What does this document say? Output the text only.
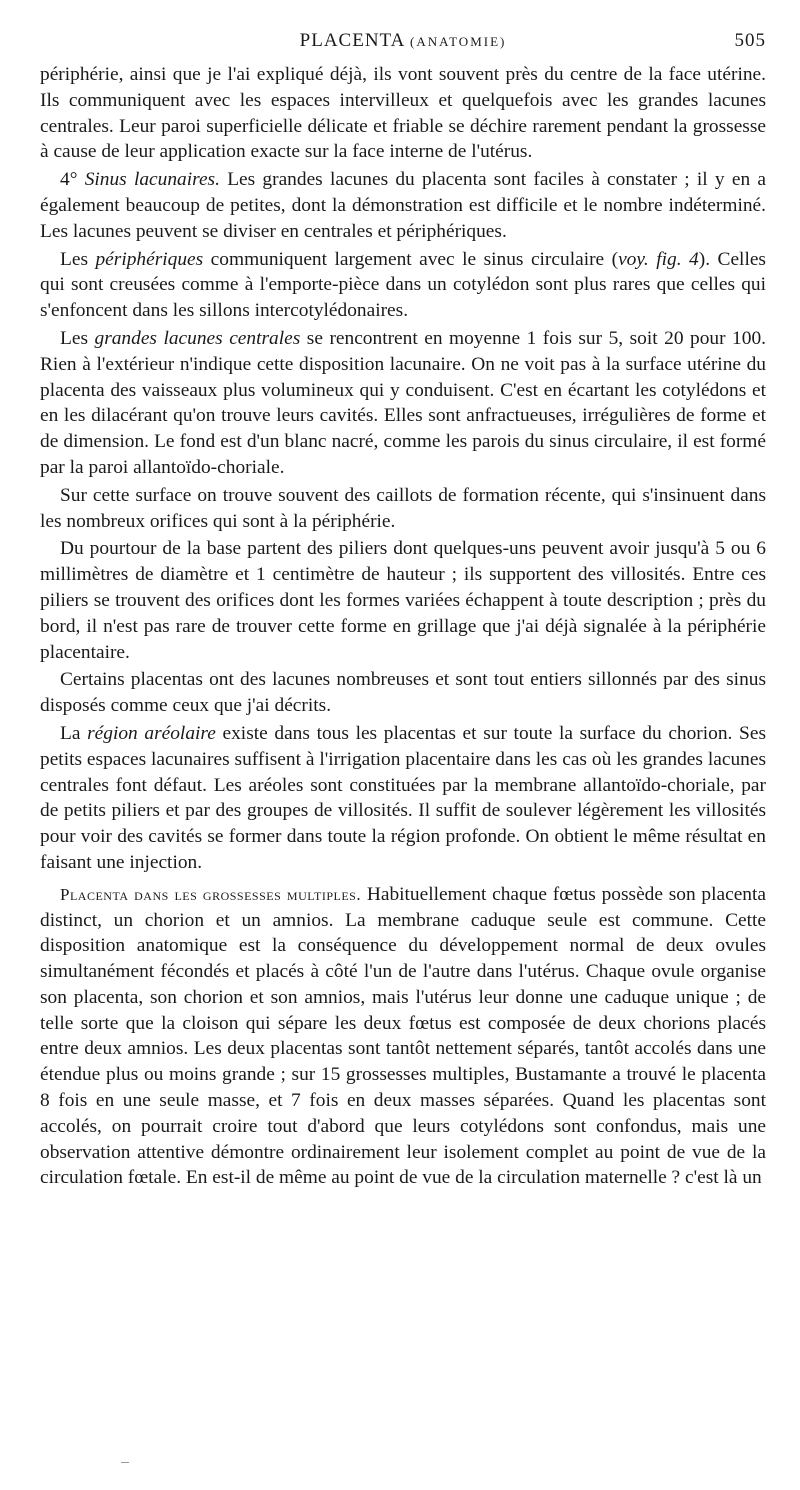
PLACENTA (ANATOMIE)	505

périphérie, ainsi que je l'ai expliqué déjà, ils vont souvent près du centre de la face utérine. Ils communiquent avec les espaces intervilleux et quelquefois avec les grandes lacunes centrales. Leur paroi superficielle délicate et friable se déchire rarement pendant la grossesse à cause de leur application exacte sur la face interne de l'utérus.

4° Sinus lacunaires. Les grandes lacunes du placenta sont faciles à constater ; il y en a également beaucoup de petites, dont la démonstration est difficile et le nombre indéterminé. Les lacunes peuvent se diviser en centrales et périphériques.

Les périphériques communiquent largement avec le sinus circulaire (voy. fig. 4). Celles qui sont creusées comme à l'emporte-pièce dans un cotylédon sont plus rares que celles qui s'enfoncent dans les sillons intercotylédonaires.

Les grandes lacunes centrales se rencontrent en moyenne 1 fois sur 5, soit 20 pour 100. Rien à l'extérieur n'indique cette disposition lacunaire. On ne voit pas à la surface utérine du placenta des vaisseaux plus volumineux qui y conduisent. C'est en écartant les cotylédons et en les dilacérant qu'on trouve leurs cavités. Elles sont anfractueuses, irrégulières de forme et de dimension. Le fond est d'un blanc nacré, comme les parois du sinus circulaire, il est formé par la paroi allantoïdo-choriale.

Sur cette surface on trouve souvent des caillots de formation récente, qui s'insinuent dans les nombreux orifices qui sont à la périphérie.

Du pourtour de la base partent des piliers dont quelques-uns peuvent avoir jusqu'à 5 ou 6 millimètres de diamètre et 1 centimètre de hauteur ; ils supportent des villosités. Entre ces piliers se trouvent des orifices dont les formes variées échappent à toute description ; près du bord, il n'est pas rare de trouver cette forme en grillage que j'ai déjà signalée à la périphérie placentaire.

Certains placentas ont des lacunes nombreuses et sont tout entiers sillonnés par des sinus disposés comme ceux que j'ai décrits.

La région aréolaire existe dans tous les placentas et sur toute la surface du chorion. Ses petits espaces lacunaires suffisent à l'irrigation placentaire dans les cas où les grandes lacunes centrales font défaut. Les aréoles sont constituées par la membrane allantoïdo-choriale, par de petits piliers et par des groupes de villosités. Il suffit de soulever légèrement les villosités pour voir des cavités se former dans toute la région profonde. On obtient le même résultat en faisant une injection.

Placenta dans les grossesses multiples. Habituellement chaque fœtus possède son placenta distinct, un chorion et un amnios. La membrane caduque seule est commune. Cette disposition anatomique est la conséquence du développement normal de deux ovules simultanément fécondés et placés à côté l'un de l'autre dans l'utérus. Chaque ovule organise son placenta, son chorion et son amnios, mais l'utérus leur donne une caduque unique ; de telle sorte que la cloison qui sépare les deux fœtus est composée de deux chorions placés entre deux amnios. Les deux placentas sont tantôt nettement séparés, tantôt accolés dans une étendue plus ou moins grande ; sur 15 grossesses multiples, Bustamante a trouvé le placenta 8 fois en une seule masse, et 7 fois en deux masses séparées. Quand les placentas sont accolés, on pourrait croire tout d'abord que leurs cotylédons sont confondus, mais une observation attentive démontre ordinairement leur isolement complet au point de vue de la circulation fœtale. En est-il de même au point de vue de la circulation maternelle ? c'est là un
